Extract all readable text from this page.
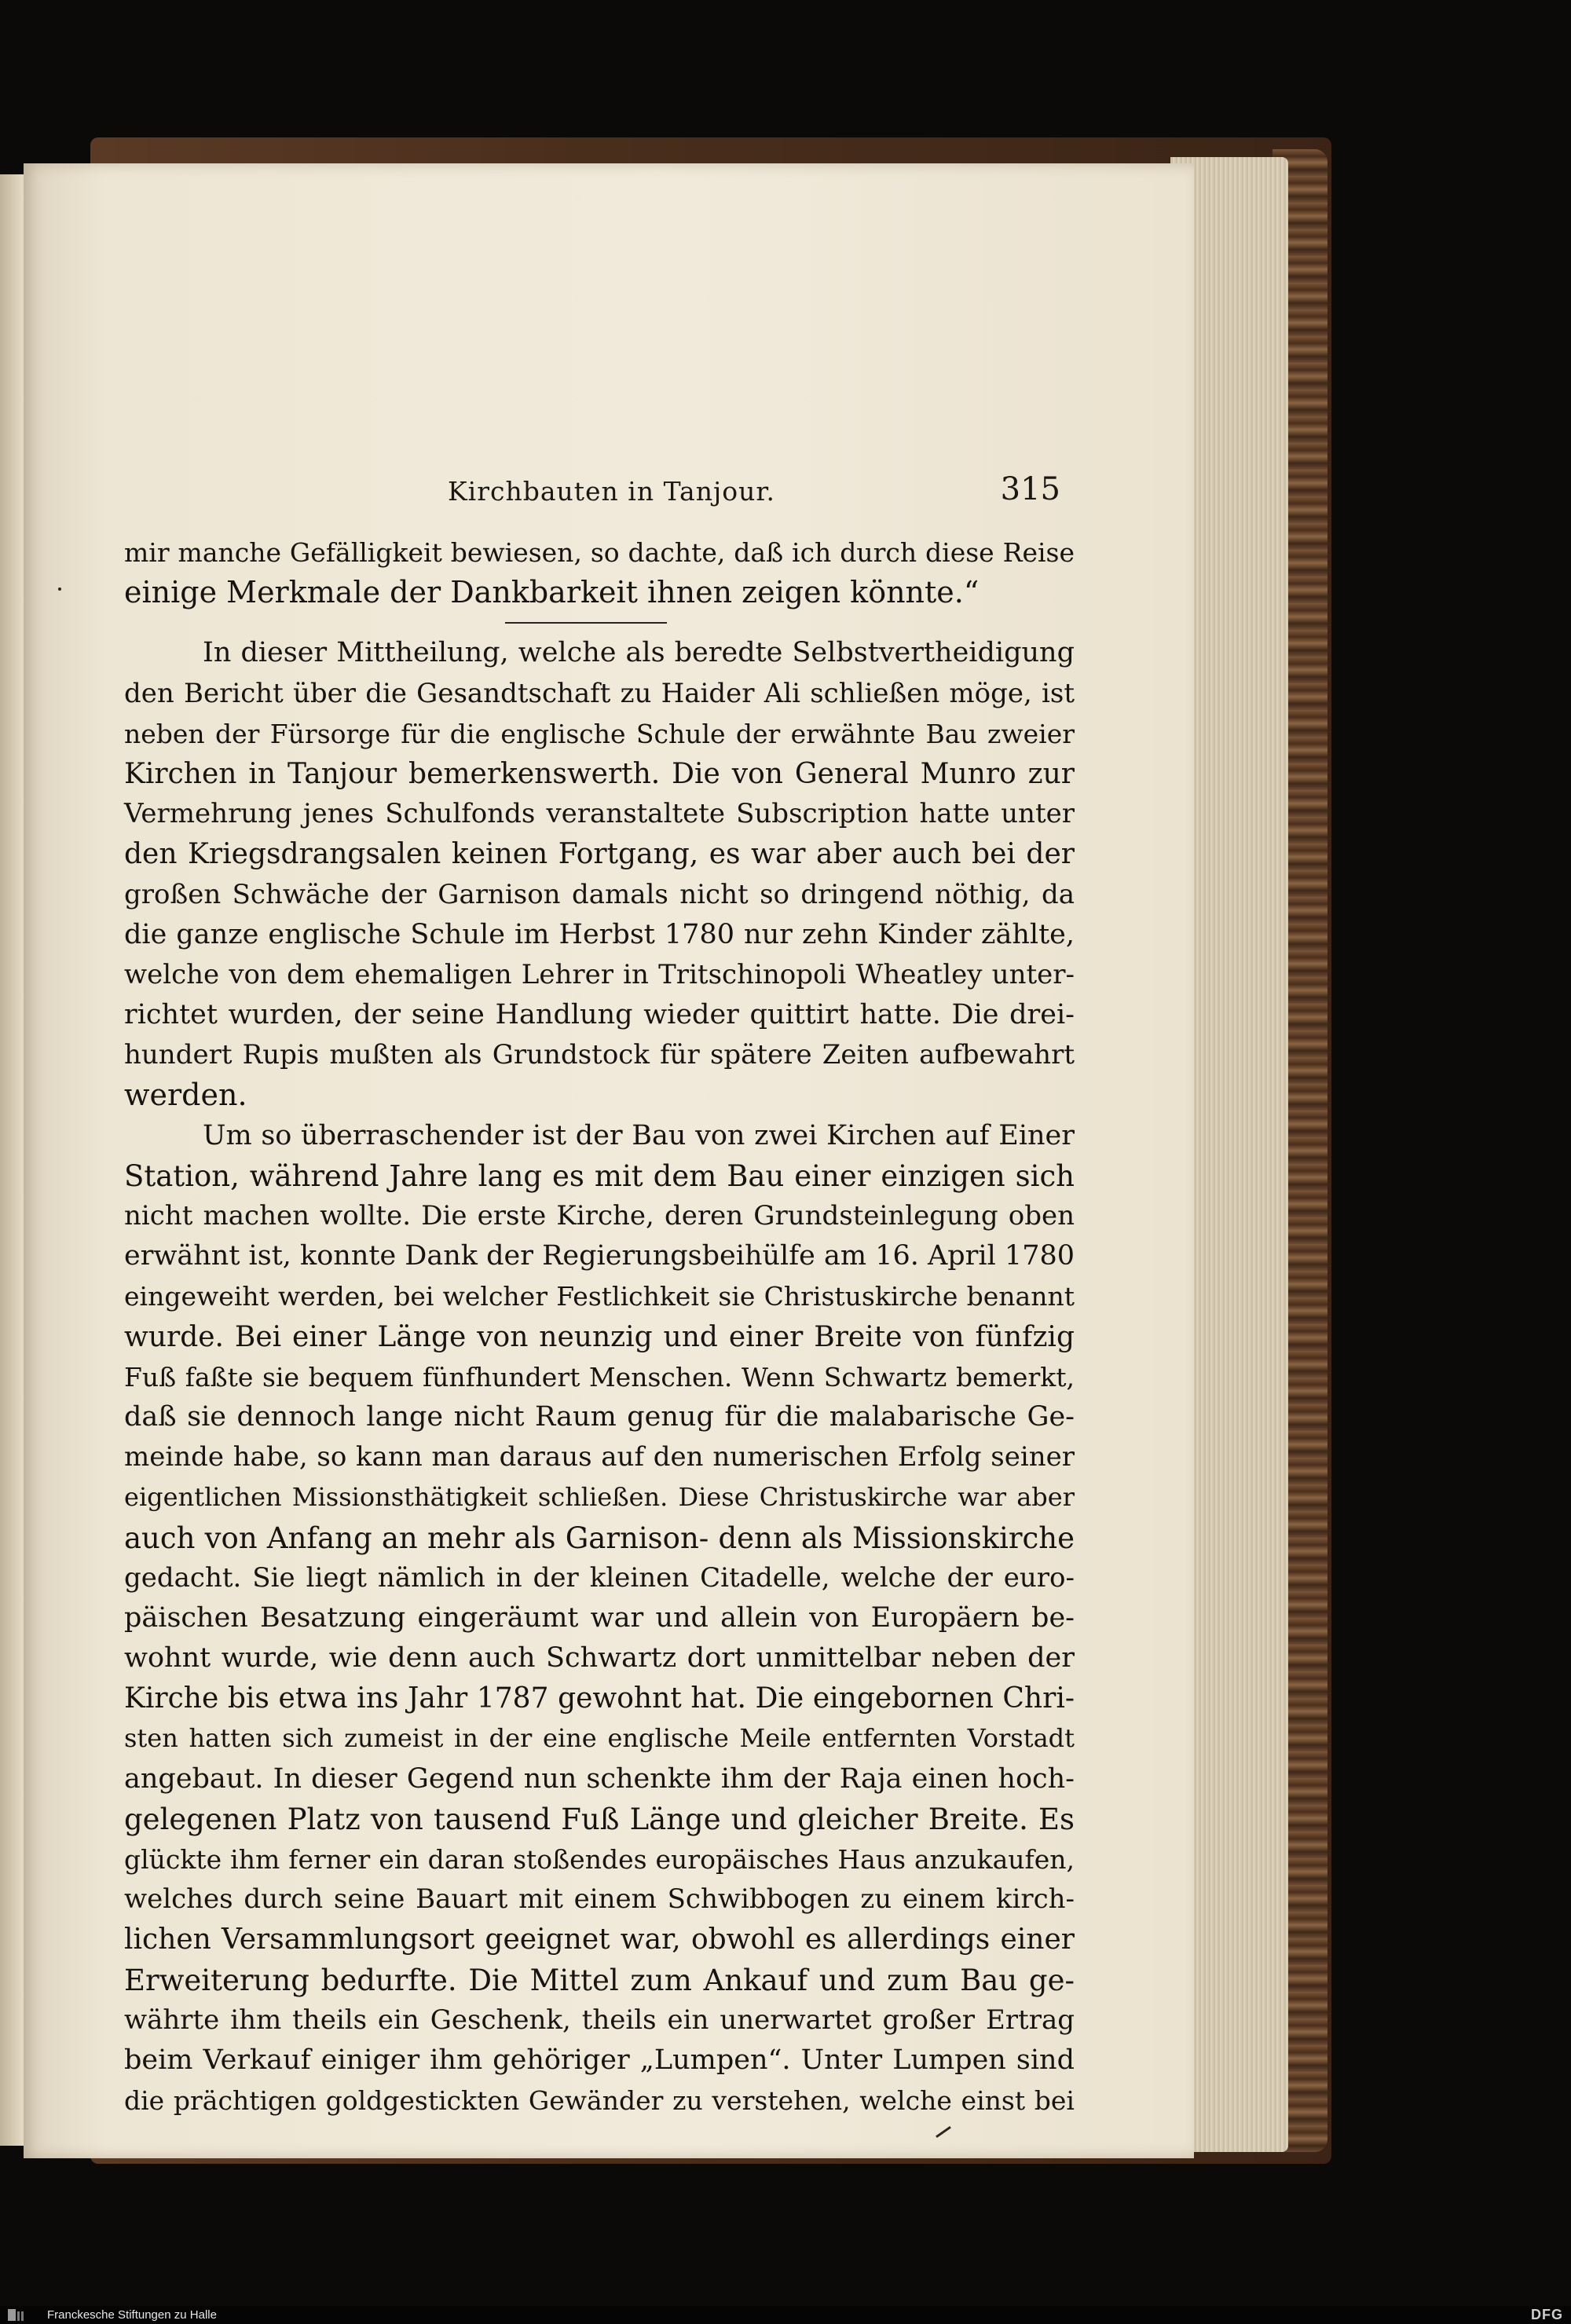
Kirchbauten in Tanjour.	315
mir manche Gefälligkeit bewiesen, so dachte, daß ich durch diese Reise
einige Merkmale der Dankbarkeit ihnen zeigen könnte.“
In dieser Mittheilung, welche als beredte Selbstvertheidigung
den Bericht über die Gesandtschaft zu Haider Ali schließen möge, ist
neben der Fürsorge für die englische Schule der erwähnte Bau zweier
Kirchen in Tanjour bemerkenswerth. Die von General Munro zur
Vermehrung jenes Schulfonds veranstaltete Subscription hatte unter
den Kriegsdrangsalen keinen Fortgang, es war aber auch bei der
großen Schwäche der Garnison damals nicht so dringend nöthig, da
die ganze englische Schule im Herbst 1780 nur zehn Kinder zählte,
welche von dem ehemaligen Lehrer in Tritschinopoli Wheatley unter-
richtet wurden, der seine Handlung wieder quittirt hatte. Die drei-
hundert Rupis mußten als Grundstock für spätere Zeiten aufbewahrt
werden.
Um so überraschender ist der Bau von zwei Kirchen auf Einer
Station, während Jahre lang es mit dem Bau einer einzigen sich
nicht machen wollte. Die erste Kirche, deren Grundsteinlegung oben
erwähnt ist, konnte Dank der Regierungsbeihülfe am 16. April 1780
eingeweiht werden, bei welcher Festlichkeit sie Christuskirche benannt
wurde. Bei einer Länge von neunzig und einer Breite von fünfzig
Fuß faßte sie bequem fünfhundert Menschen. Wenn Schwartz bemerkt,
daß sie dennoch lange nicht Raum genug für die malabarische Ge-
meinde habe, so kann man daraus auf den numerischen Erfolg seiner
eigentlichen Missionsthätigkeit schließen. Diese Christuskirche war aber
auch von Anfang an mehr als Garnison- denn als Missionskirche
gedacht. Sie liegt nämlich in der kleinen Citadelle, welche der euro-
päischen Besatzung eingeräumt war und allein von Europäern be-
wohnt wurde, wie denn auch Schwartz dort unmittelbar neben der
Kirche bis etwa ins Jahr 1787 gewohnt hat. Die eingebornen Chri-
sten hatten sich zumeist in der eine englische Meile entfernten Vorstadt
angebaut. In dieser Gegend nun schenkte ihm der Raja einen hoch-
gelegenen Platz von tausend Fuß Länge und gleicher Breite. Es
glückte ihm ferner ein daran stoßendes europäisches Haus anzukaufen,
welches durch seine Bauart mit einem Schwibbogen zu einem kirch-
lichen Versammlungsort geeignet war, obwohl es allerdings einer
Erweiterung bedurfte. Die Mittel zum Ankauf und zum Bau ge-
währte ihm theils ein Geschenk, theils ein unerwartet großer Ertrag
beim Verkauf einiger ihm gehöriger „Lumpen“. Unter Lumpen sind
die prächtigen goldgestickten Gewänder zu verstehen, welche einst bei
Franckesche Stiftungen zu Halle	DFG
